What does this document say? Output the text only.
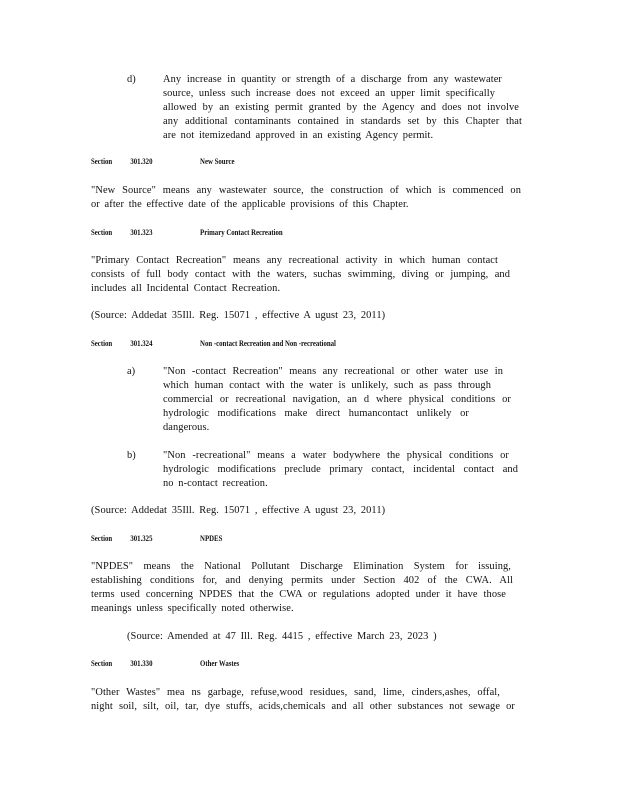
d)	Any increase in quantity or strength of a discharge from any wastewater
source, unless such increase does not exceed an upper limit specifically
allowed by an existing permit granted by the Agency and does not involve
any additional contaminants contained in standards set by this Chapter that
are not itemizedand approved in an existing Agency permit.
Section 301.320	New Source
"New Source" means any wastewater source, the construction of which is commenced on
or after the effective date of the applicable provisions of this Chapter.
Section 301.323	Primary Contact Recreation
"Primary Contact Recreation" means any recreational activity in which human contact
consists of full body contact with the waters, suchas swimming, diving or jumping, and
includes all Incidental Contact Recreation.
(Source: Addedat 35Ill. Reg. 15071 , effective A ugust 23, 2011)
Section 301.324	Non -contact Recreation and Non -recreational
a)	"Non -contact Recreation" means any recreational or other water use in
which human contact with the water is unlikely, such as pass through
commercial or recreational navigation, an d where physical conditions or
hydrologic modifications make direct humancontact unlikely or
dangerous.
b)	"Non -recreational" means a water bodywhere the physical conditions or
hydrologic modifications preclude primary contact, incidental contact and
no n-contact recreation.
(Source: Addedat 35Ill. Reg. 15071 , effective A ugust 23, 2011)
Section 301.325	NPDES
"NPDES" means the National Pollutant Discharge Elimination System for issuing,
establishing conditions for, and denying permits under Section 402 of the CWA. All
terms used concerning NPDES that the CWA or regulations adopted under it have those
meanings unless specifically noted otherwise.
(Source: Amended at 47 Ill. Reg. 4415 , effective March 23, 2023 )
Section 301.330	Other Wastes
"Other Wastes" mea ns garbage, refuse,wood residues, sand, lime, cinders,ashes, offal,
night soil, silt, oil, tar, dye stuffs, acids,chemicals and all other substances not sewage or
